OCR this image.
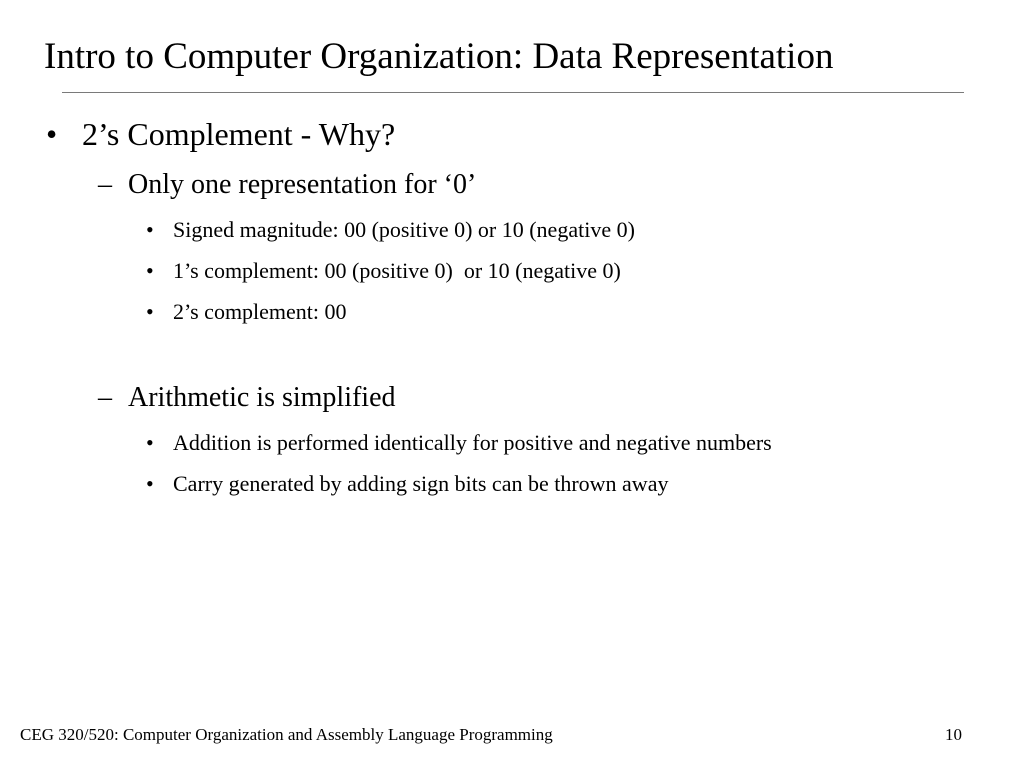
Intro to Computer Organization: Data Representation
• 2’s Complement - Why?
– Only one representation for ‘0’
• Signed magnitude: 00 (positive 0) or 10 (negative 0)
• 1’s complement: 00 (positive 0)  or 10 (negative 0)
• 2’s complement: 00
– Arithmetic is simplified
• Addition is performed identically for positive and negative numbers
• Carry generated by adding sign bits can be thrown away
CEG 320/520: Computer Organization and Assembly Language Programming	10
